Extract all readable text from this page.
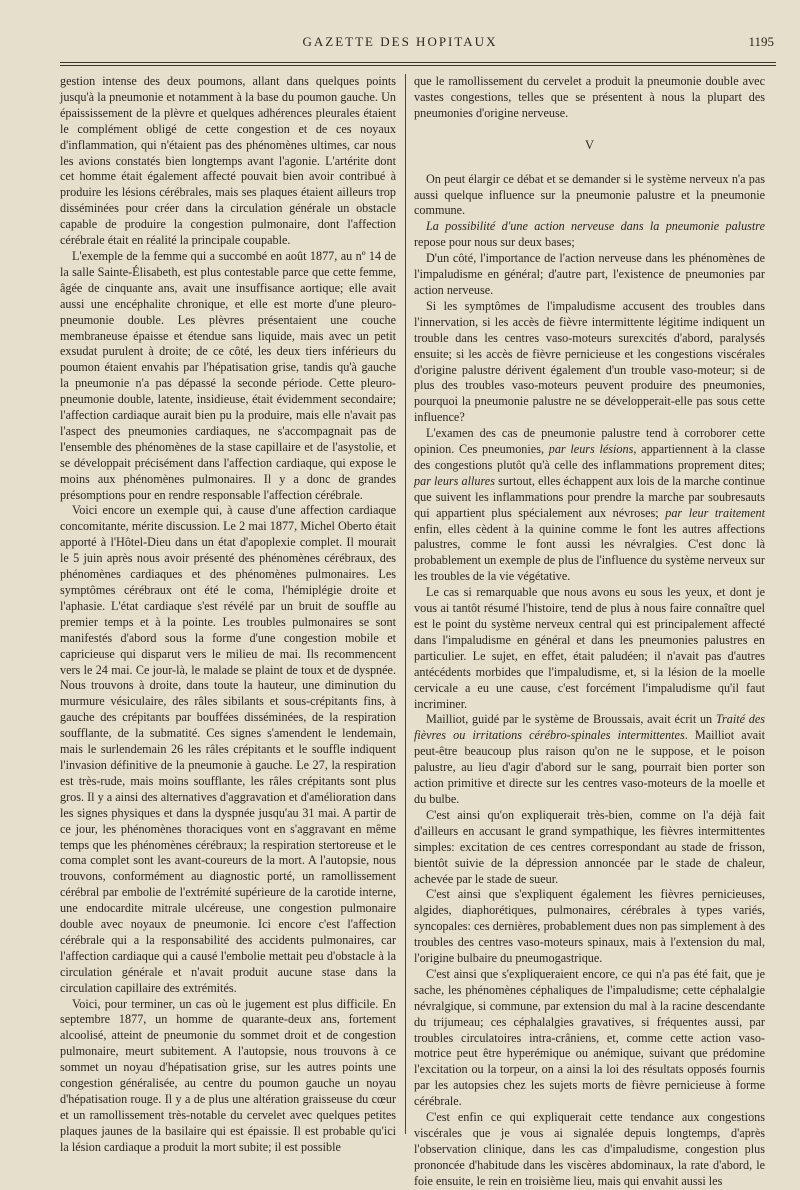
GAZETTE DES HOPITAUX	1195

gestion intense des deux poumons, allant dans quelques points jusqu'à la pneumonie et notamment à la base du poumon gauche. Un épaississement de la plèvre et quelques adhérences pleurales étaient le complément obligé de cette congestion et de ces noyaux d'inflammation, qui n'étaient pas des phénomènes ultimes, car nous les avions constatés bien longtemps avant l'agonie. L'artérite dont cet homme était également affecté pouvait bien avoir contribué à produire les lésions cérébrales, mais ses plaques étaient ailleurs trop disséminées pour créer dans la circulation générale un obstacle capable de produire la congestion pulmonaire, dont l'affection cérébrale était en réalité la principale coupable.

L'exemple de la femme qui a succombé en août 1877, au nº 14 de la salle Sainte-Élisabeth, est plus contestable parce que cette femme, âgée de cinquante ans, avait une insuffisance aortique; elle avait aussi une encéphalite chronique, et elle est morte d'une pleuro-pneumonie double. Les plèvres présentaient une couche membraneuse épaisse et étendue sans liquide, mais avec un petit exsudat purulent à droite; de ce côté, les deux tiers inférieurs du poumon étaient envahis par l'hépatisation grise, tandis qu'à gauche la pneumonie n'a pas dépassé la seconde période. Cette pleuro-pneumonie double, latente, insidieuse, était évidemment secondaire; l'affection cardiaque aurait bien pu la produire, mais elle n'avait pas l'aspect des pneumonies cardiaques, ne s'accompagnait pas de l'ensemble des phénomènes de la stase capillaire et de l'asystolie, et se développait précisément dans l'affection cardiaque, qui expose le moins aux phénomènes pulmonaires. Il y a donc de grandes présomptions pour en rendre responsable l'affection cérébrale.

Voici encore un exemple qui, à cause d'une affection cardiaque concomitante, mérite discussion. Le 2 mai 1877, Michel Oberto était apporté à l'Hôtel-Dieu dans un état d'apoplexie complet. Il mourait le 5 juin après nous avoir présenté des phénomènes cérébraux, des phénomènes cardiaques et des phénomènes pulmonaires. Les symptômes cérébraux ont été le coma, l'hémiplégie droite et l'aphasie. L'état cardiaque s'est révélé par un bruit de souffle au premier temps et à la pointe. Les troubles pulmonaires se sont manifestés d'abord sous la forme d'une congestion mobile et capricieuse qui disparut vers le milieu de mai. Ils recommencent vers le 24 mai. Ce jour-là, le malade se plaint de toux et de dyspnée. Nous trouvons à droite, dans toute la hauteur, une diminution du murmure vésiculaire, des râles sibilants et sous-crépitants fins, à gauche des crépitants par bouffées disséminées, de la respiration soufflante, de la submatité. Ces signes s'amendent le lendemain, mais le surlendemain 26 les râles crépitants et le souffle indiquent l'invasion définitive de la pneumonie à gauche. Le 27, la respiration est très-rude, mais moins soufflante, les râles crépitants sont plus gros. Il y a ainsi des alternatives d'aggravation et d'amélioration dans les signes physiques et dans la dyspnée jusqu'au 31 mai. A partir de ce jour, les phénomènes thoraciques vont en s'aggravant en même temps que les phénomènes cérébraux; la respiration stertoreuse et le coma complet sont les avant-coureurs de la mort. A l'autopsie, nous trouvons, conformément au diagnostic porté, un ramollissement cérébral par embolie de l'extrémité supérieure de la carotide interne, une endocardite mitrale ulcéreuse, une congestion pulmonaire double avec noyaux de pneumonie. Ici encore c'est l'affection cérébrale qui a la responsabilité des accidents pulmonaires, car l'affection cardiaque qui a causé l'embolie mettait peu d'obstacle à la circulation générale et n'avait produit aucune stase dans la circulation capillaire des extrémités.

Voici, pour terminer, un cas où le jugement est plus difficile. En septembre 1877, un homme de quarante-deux ans, fortement alcoolisé, atteint de pneumonie du sommet droit et de congestion pulmonaire, meurt subitement. A l'autopsie, nous trouvons à ce sommet un noyau d'hépatisation grise, sur les autres points une congestion généralisée, au centre du poumon gauche un noyau d'hépatisation rouge. Il y a de plus une altération graisseuse du cœur et un ramollissement très-notable du cervelet avec quelques petites plaques jaunes de la basilaire qui est épaissie. Il est probable qu'ici la lésion cardiaque a produit la mort subite; il est possible

que le ramollissement du cervelet a produit la pneumonie double avec vastes congestions, telles que se présentent à nous la plupart des pneumonies d'origine nerveuse.

V

On peut élargir ce débat et se demander si le système nerveux n'a pas aussi quelque influence sur la pneumonie palustre et la pneumonie commune.

La possibilité d'une action nerveuse dans la pneumonie palustre repose pour nous sur deux bases;

D'un côté, l'importance de l'action nerveuse dans les phénomènes de l'impaludisme en général; d'autre part, l'existence de pneumonies par action nerveuse.

Si les symptômes de l'impaludisme accusent des troubles dans l'innervation, si les accès de fièvre intermittente légitime indiquent un trouble dans les centres vaso-moteurs surexcités d'abord, paralysés ensuite; si les accès de fièvre pernicieuse et les congestions viscérales d'origine palustre dérivent également d'un trouble vaso-moteur; si de plus des troubles vaso-moteurs peuvent produire des pneumonies, pourquoi la pneumonie palustre ne se développerait-elle pas sous cette influence?

L'examen des cas de pneumonie palustre tend à corroborer cette opinion. Ces pneumonies, par leurs lésions, appartiennent à la classe des congestions plutôt qu'à celle des inflammations proprement dites; par leurs allures surtout, elles échappent aux lois de la marche continue que suivent les inflammations pour prendre la marche par soubresauts qui appartient plus spécialement aux névroses; par leur traitement enfin, elles cèdent à la quinine comme le font les autres affections palustres, comme le font aussi les névralgies. C'est donc là probablement un exemple de plus de l'influence du système nerveux sur les troubles de la vie végétative.

Le cas si remarquable que nous avons eu sous les yeux, et dont je vous ai tantôt résumé l'histoire, tend de plus à nous faire connaître quel est le point du système nerveux central qui est principalement affecté dans l'impaludisme en général et dans les pneumonies palustres en particulier. Le sujet, en effet, était paludéen; il n'avait pas d'autres antécédents morbides que l'impaludisme, et, si la lésion de la moelle cervicale a eu une cause, c'est forcément l'impaludisme qu'il faut incriminer.

Mailliot, guidé par le système de Broussais, avait écrit un Traité des fièvres ou irritations cérébro-spinales intermittentes. Mailliot avait peut-être beaucoup plus raison qu'on ne le suppose, et le poison palustre, au lieu d'agir d'abord sur le sang, pourrait bien porter son action primitive et directe sur les centres vaso-moteurs de la moelle et du bulbe.

C'est ainsi qu'on expliquerait très-bien, comme on l'a déjà fait d'ailleurs en accusant le grand sympathique, les fièvres intermittentes simples: excitation de ces centres correspondant au stade de frisson, bientôt suivie de la dépression annoncée par le stade de chaleur, achevée par le stade de sueur.

C'est ainsi que s'expliquent également les fièvres pernicieuses, algides, diaphorétiques, pulmonaires, cérébrales à types variés, syncopales: ces dernières, probablement dues non pas simplement à des troubles des centres vaso-moteurs spinaux, mais à l'extension du mal, l'origine bulbaire du pneumogastrique.

C'est ainsi que s'expliqueraient encore, ce qui n'a pas été fait, que je sache, les phénomènes céphaliques de l'impaludisme; cette céphalalgie névralgique, si commune, par extension du mal à la racine descendante du trijumeau; ces céphalalgies gravatives, si fréquentes aussi, par troubles circulatoires intra-crâniens, et, comme cette action vaso-motrice peut être hyperémique ou anémique, suivant que prédomine l'excitation ou la torpeur, on a ainsi la loi des résultats opposés fournis par les autopsies chez les sujets morts de fièvre pernicieuse à forme cérébrale.

C'est enfin ce qui expliquerait cette tendance aux congestions viscérales que je vous ai signalée depuis longtemps, d'après l'observation clinique, dans les cas d'impaludisme, congestion plus prononcée d'habitude dans les viscères abdominaux, la rate d'abord, le foie ensuite, le rein en troisième lieu, mais qui envahit aussi les
